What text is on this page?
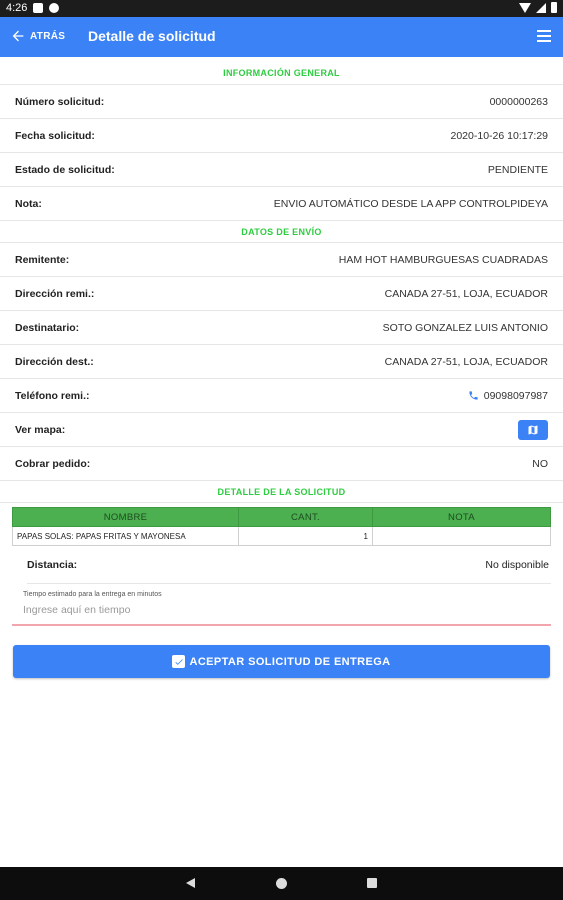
4:26
ATRÁS Detalle de solicitud
INFORMACIÓN GENERAL
Número solicitud:	0000000263
Fecha solicitud:	2020-10-26 10:17:29
Estado de solicitud:	PENDIENTE
Nota:	ENVIO AUTOMÁTICO DESDE LA APP CONTROLPIDEYA
DATOS DE ENVÍO
Remitente:	HAM HOT HAMBURGUESAS CUADRADAS
Dirección remi.:	CANADA 27-51, LOJA, ECUADOR
Destinatario:	SOTO GONZALEZ LUIS ANTONIO
Dirección dest.:	CANADA 27-51, LOJA, ECUADOR
Teléfono remi.:	09098097987
Ver mapa:
Cobrar pedido:	NO
DETALLE DE LA SOLICITUD
NOMBRE	CANT.	NOTA
PAPAS SOLAS: PAPAS FRITAS Y MAYONESA	1	
Distancia:	No disponible
Tiempo estimado para la entrega en minutos
Ingrese aquí en tiempo
ACEPTAR SOLICITUD DE ENTREGA
